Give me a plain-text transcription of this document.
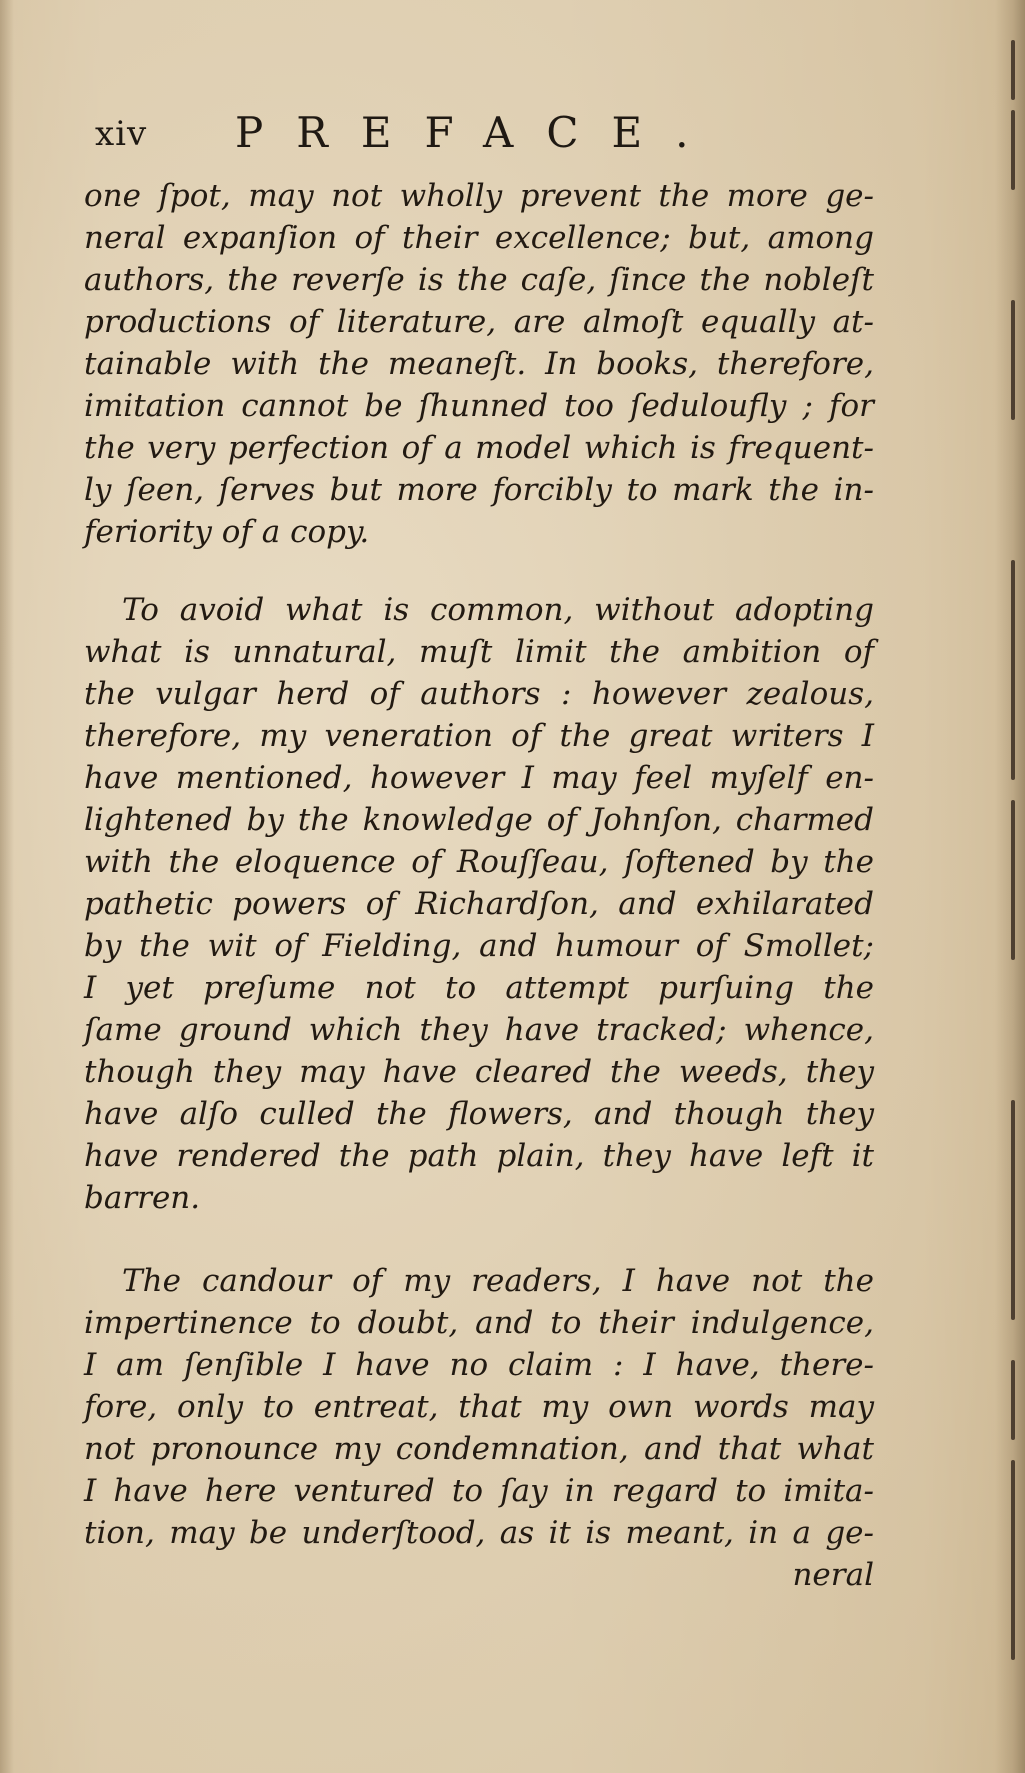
xiv PREFACE.
one ſpot, may not wholly prevent the more ge-
neral expanſion of their excellence; but, among
authors, the reverſe is the caſe, ſince the nobleſt
productions of literature, are almoſt equally at-
tainable with the meaneſt. In books, therefore,
imitation cannot be ſhunned too ſeduloufly ; for
the very perfection of a model which is frequent-
ly ſeen, ſerves but more forcibly to mark the in-
feriority of a copy.
To avoid what is common, without adopting
what is unnatural, muſt limit the ambition of
the vulgar herd of authors : however zealous,
therefore, my veneration of the great writers I
have mentioned, however I may feel myſelf en-
lightened by the knowledge of Johnſon, charmed
with the eloquence of Rouſſeau, ſoftened by the
pathetic powers of Richardſon, and exhilarated
by the wit of Fielding, and humour of Smollet;
I yet preſume not to attempt purſuing the
ſame ground which they have tracked; whence,
though they may have cleared the weeds, they
have alſo culled the flowers, and though they
have rendered the path plain, they have left it
barren.
The candour of my readers, I have not the
impertinence to doubt, and to their indulgence,
I am ſenſible I have no claim : I have, there-
fore, only to entreat, that my own words may
not pronounce my condemnation, and that what
I have here ventured to ſay in regard to imita-
tion, may be underſtood, as it is meant, in a ge-
neral
